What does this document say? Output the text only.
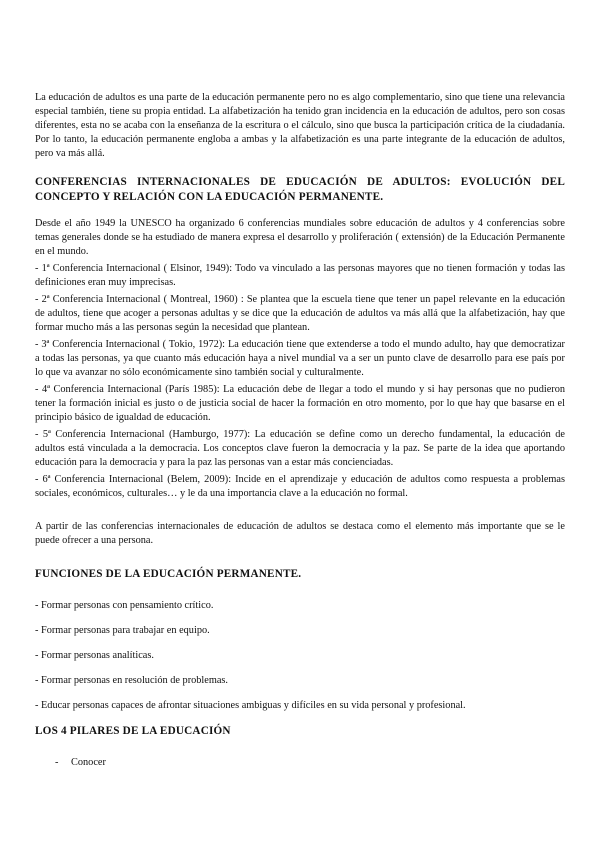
La educación de adultos es una parte de la educación permanente pero no es algo complementario, sino que tiene una relevancia especial también, tiene su propia entidad. La alfabetización ha tenido gran incidencia en la educación de adultos, pero son cosas diferentes, esta no se acaba con la enseñanza de la escritura o el cálculo, sino que busca la participación crítica de la ciudadanía. Por lo tanto, la educación permanente engloba a ambas y la alfabetización es una parte integrante de la educación de adultos, pero va más allá.

CONFERENCIAS INTERNACIONALES DE EDUCACIÓN DE ADULTOS: EVOLUCIÓN DEL CONCEPTO Y RELACIÓN CON LA EDUCACIÓN PERMANENTE.

Desde el año 1949 la UNESCO ha organizado 6 conferencias mundiales sobre educación de adultos y 4 conferencias sobre temas generales donde se ha estudiado de manera expresa el desarrollo y proliferación ( extensión) de la Educación Permanente en el mundo.

- 1ª Conferencia Internacional ( Elsinor, 1949): Todo va vinculado a las personas mayores que no tienen formación y todas las definiciones eran muy imprecisas.

- 2ª Conferencia Internacional ( Montreal, 1960) : Se plantea que la escuela tiene que tener un papel relevante en la educación de adultos, tiene que acoger a personas adultas y se dice que la educación de adultos va más allá que la alfabetización, hay que formar mucho más a las personas según la necesidad que plantean.

- 3ª Conferencia Internacional ( Tokio, 1972): La educación tiene que extenderse a todo el mundo adulto, hay que democratizar a todas las personas, ya que cuanto más educación haya a nivel mundial va a ser un punto clave de desarrollo para ese país por lo que va avanzar no sólo económicamente sino también social y culturalmente.

- 4ª Conferencia Internacional (París 1985): La educación debe de llegar a todo el mundo y si hay personas que no pudieron tener la formación inicial es justo o de justicia social de hacer la formación en otro momento, por lo que hay que basarse en el principio básico de igualdad de educación.

- 5ª Conferencia Internacional (Hamburgo, 1977): La educación se define como un derecho fundamental, la educación de adultos está vinculada a la democracia. Los conceptos clave fueron la democracia y la paz. Se parte de la idea que aportando educación para la democracia y para la paz las personas van a estar más concienciadas.

- 6ª Conferencia Internacional (Belem, 2009): Incide en el aprendizaje y educación de adultos como respuesta a problemas sociales, económicos, culturales… y le da una importancia clave a la educación no formal.

A partir de las conferencias internacionales de educación de adultos se destaca como el elemento más importante que se le puede ofrecer a una persona.

FUNCIONES DE LA EDUCACIÓN PERMANENTE.

- Formar personas con pensamiento crítico.

- Formar personas para trabajar en equipo.

- Formar personas analíticas.

- Formar personas en resolución de problemas.

- Educar personas capaces de afrontar situaciones ambiguas y difíciles en su vida personal y profesional.

LOS 4 PILARES DE LA EDUCACIÓN
-	Conocer
